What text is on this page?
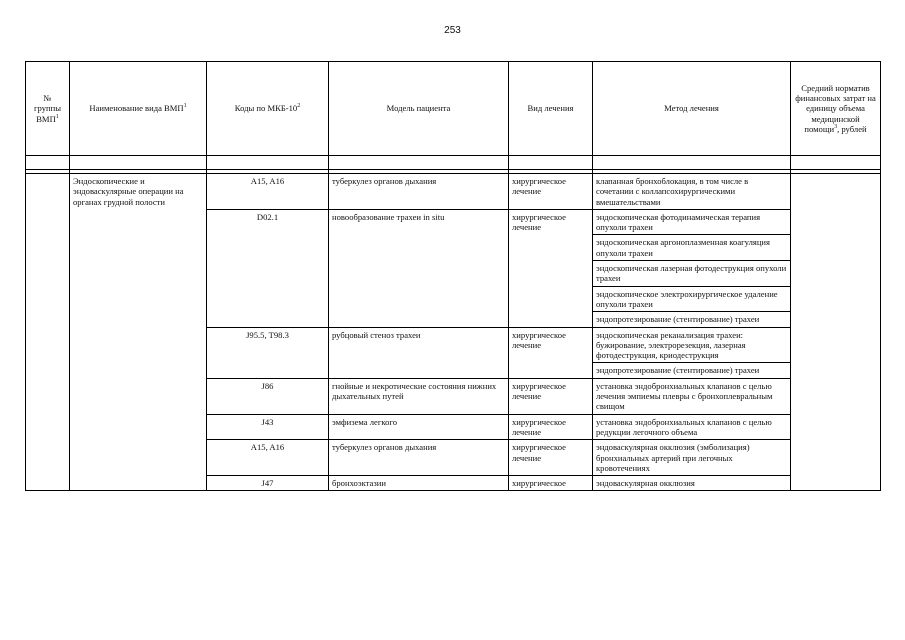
253
№ группы ВМП$^1$	Наименование вида ВМП$^1$	Коды по МКБ-$10^2$	Модель пациента	Вид лечения	Метод лечения	Средний норматив финансовых затрат на единицу объема медицинской помощи$^3$, рублей

	Эндоскопические и эндоваскулярные операции на органах грудной полости	A15, A16	туберкулез органов дыхания	хирургическое лечение	клапанная бронхоблокация, в том числе в сочетании с коллапсохирургическими вмешательствами	
		D02.1	новообразование трахеи in situ	хирургическое лечение	эндоскопическая фотодинамическая терапия опухоли трахеи	
					эндоскопическая аргоноплазменная коагуляция опухоли трахеи	
					эндоскопическая лазерная фотодеструкция опухоли трахеи	
					эндоскопическое электрохирургическое удаление опухоли трахеи	
					эндопротезирование (стентирование) трахеи	
		J95.5, T98.3	рубцовый стеноз трахеи	хирургическое лечение	эндоскопическая реканализация трахеи: бужирование, электрорезекция, лазерная фотодеструкция, криодеструкция	
					эндопротезирование (стентирование) трахеи	
		J86	гнойные и некротические состояния нижних дыхательных путей	хирургическое лечение	установка эндобронхиальных клапанов с целью лечения эмпиемы плевры с бронхоплевральным свищом	
		J43	эмфизема легкого	хирургическое лечение	установка эндобронхиальных клапанов с целью редукции легочного объема	
		A15, A16	туберкулез органов дыхания	хирургическое лечение	эндоваскулярная окклюзия (эмболизация) бронхиальных артерий при легочных кровотечениях	
		J47	бронхоэктазии	хирургическое	эндоваскулярная окклюзия	
